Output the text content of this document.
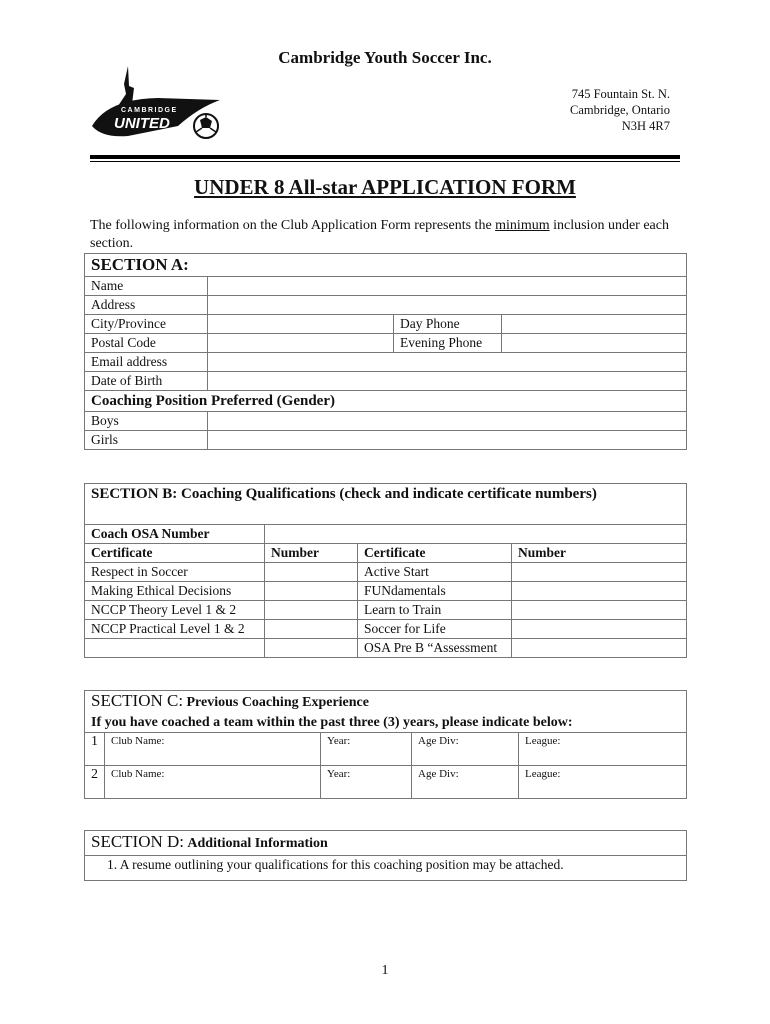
Cambridge Youth Soccer Inc.
CAMBRIDGE
UNITED
745 Fountain St. N.
Cambridge, Ontario
N3H 4R7
UNDER 8 All-star APPLICATION FORM
The following information on the Club Application Form represents the minimum inclusion under each section.
SECTION A:			
Name			
Address			
City/Province		Day Phone	
Postal Code		Evening Phone	
Email address			
Date of Birth			
Coaching Position Preferred (Gender)			
Boys			
Girls			
SECTION B: Coaching Qualifications (check and indicate certificate numbers)			
Coach OSA Number			
Certificate	Number	Certificate	Number
Respect in Soccer		Active Start	
Making Ethical Decisions		FUNdamentals	
NCCP Theory Level 1 & 2		Learn to Train	
NCCP Practical Level 1 & 2		Soccer for Life	
		OSA Pre B “Assessment	
SECTION C: Previous Coaching Experience
If you have coached a team within the past three (3) years, please indicate below:				
1	Club Name:	Year:	Age Div:	League:
2	Club Name:	Year:	Age Div:	League:
SECTION D: Additional Information
1. A resume outlining your qualifications for this coaching position may be attached.
1
